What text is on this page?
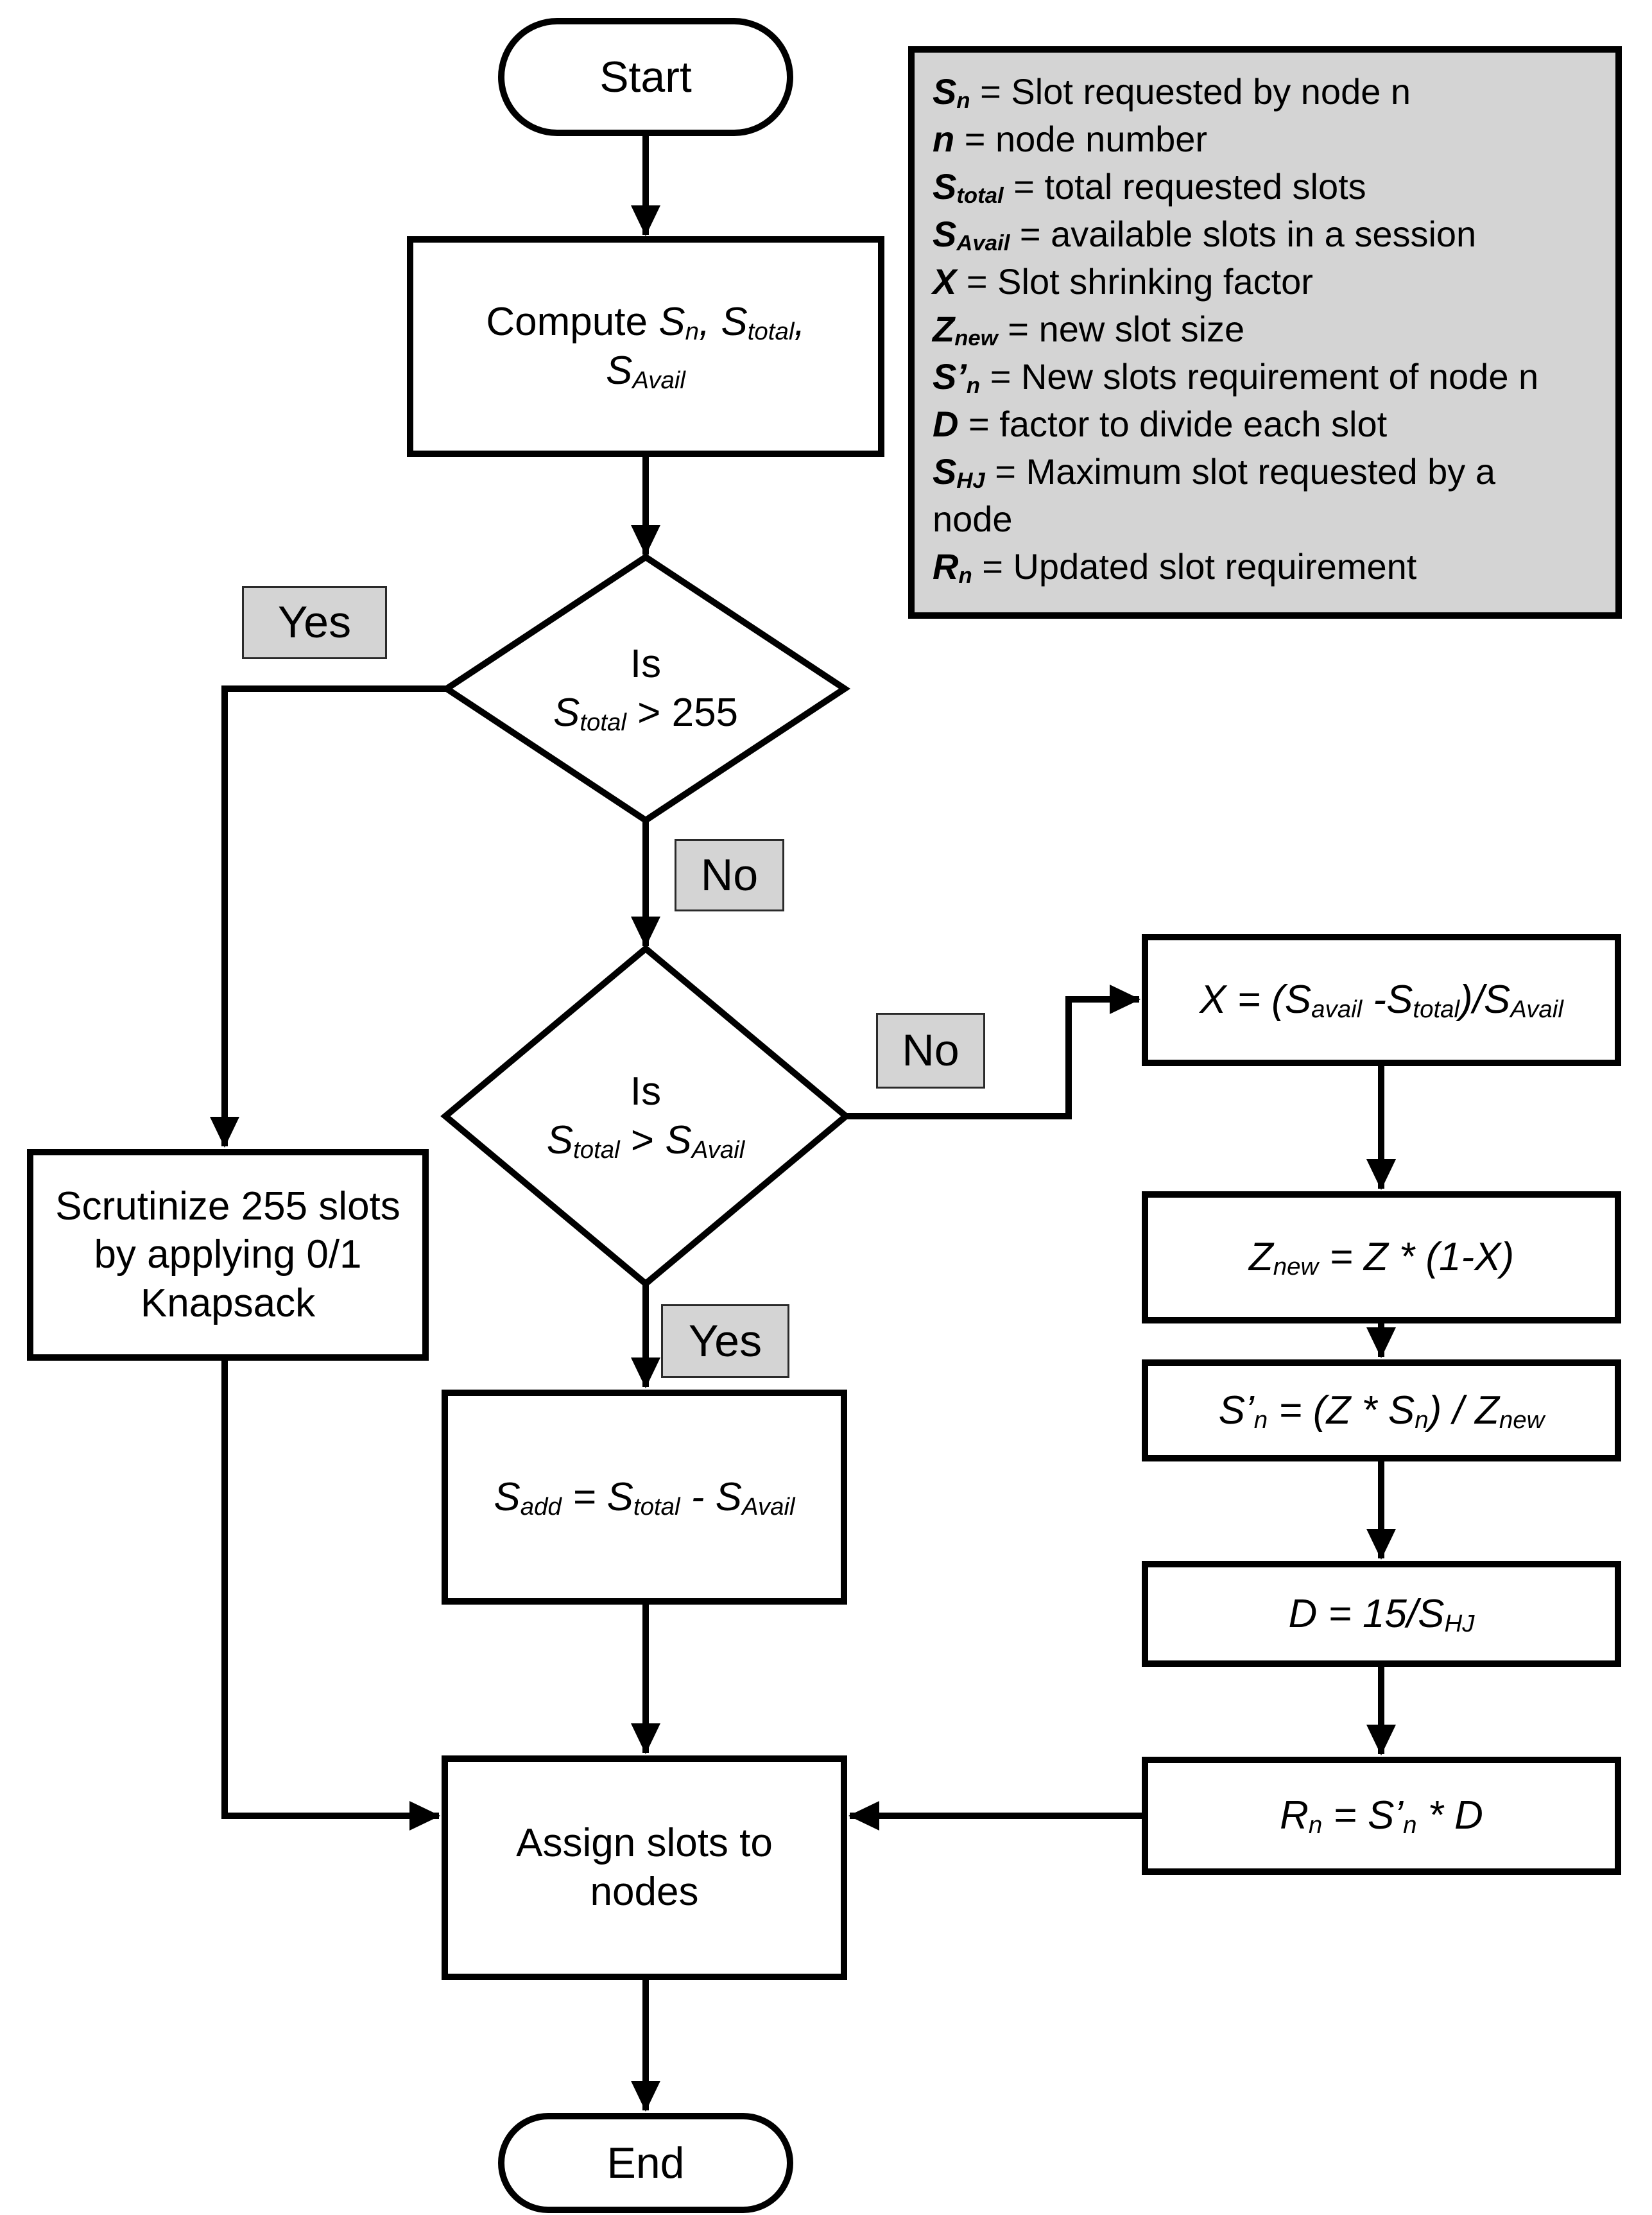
Start
End
$S_n$ = Slot requested by node n
n = node number
$S_{total}$ = total requested slots
$S_{Avail}$ = available slots in a session
X = Slot shrinking factor
$Z_{new}$ = new slot size
$S’_n$ = New slots requirement of node n
D = factor to divide each slot
$S_{HJ}$ = Maximum slot requested by a
node
$R_n$ = Updated slot requirement
Compute $S_n$, $S_{total}$,
$S_{Avail}$
Scrutinize 255 slots by applying 0/1 Knapsack
$S_{add} = S_{total} - S_{Avail}$
Assign slots to nodes
$X = (S_{avail}$ $-S_{total})/S_{Avail}$
$Z_{new} = Z * (1-X)$
$S’_n = (Z * S_n) / Z_{new}$
$D = 15/S_{HJ}$
$R_n$ = $S’_n$ * D
Is
$S_{total} > 255$
Is
$S_{total} > S_{Avail}$
Yes
No
No
Yes
